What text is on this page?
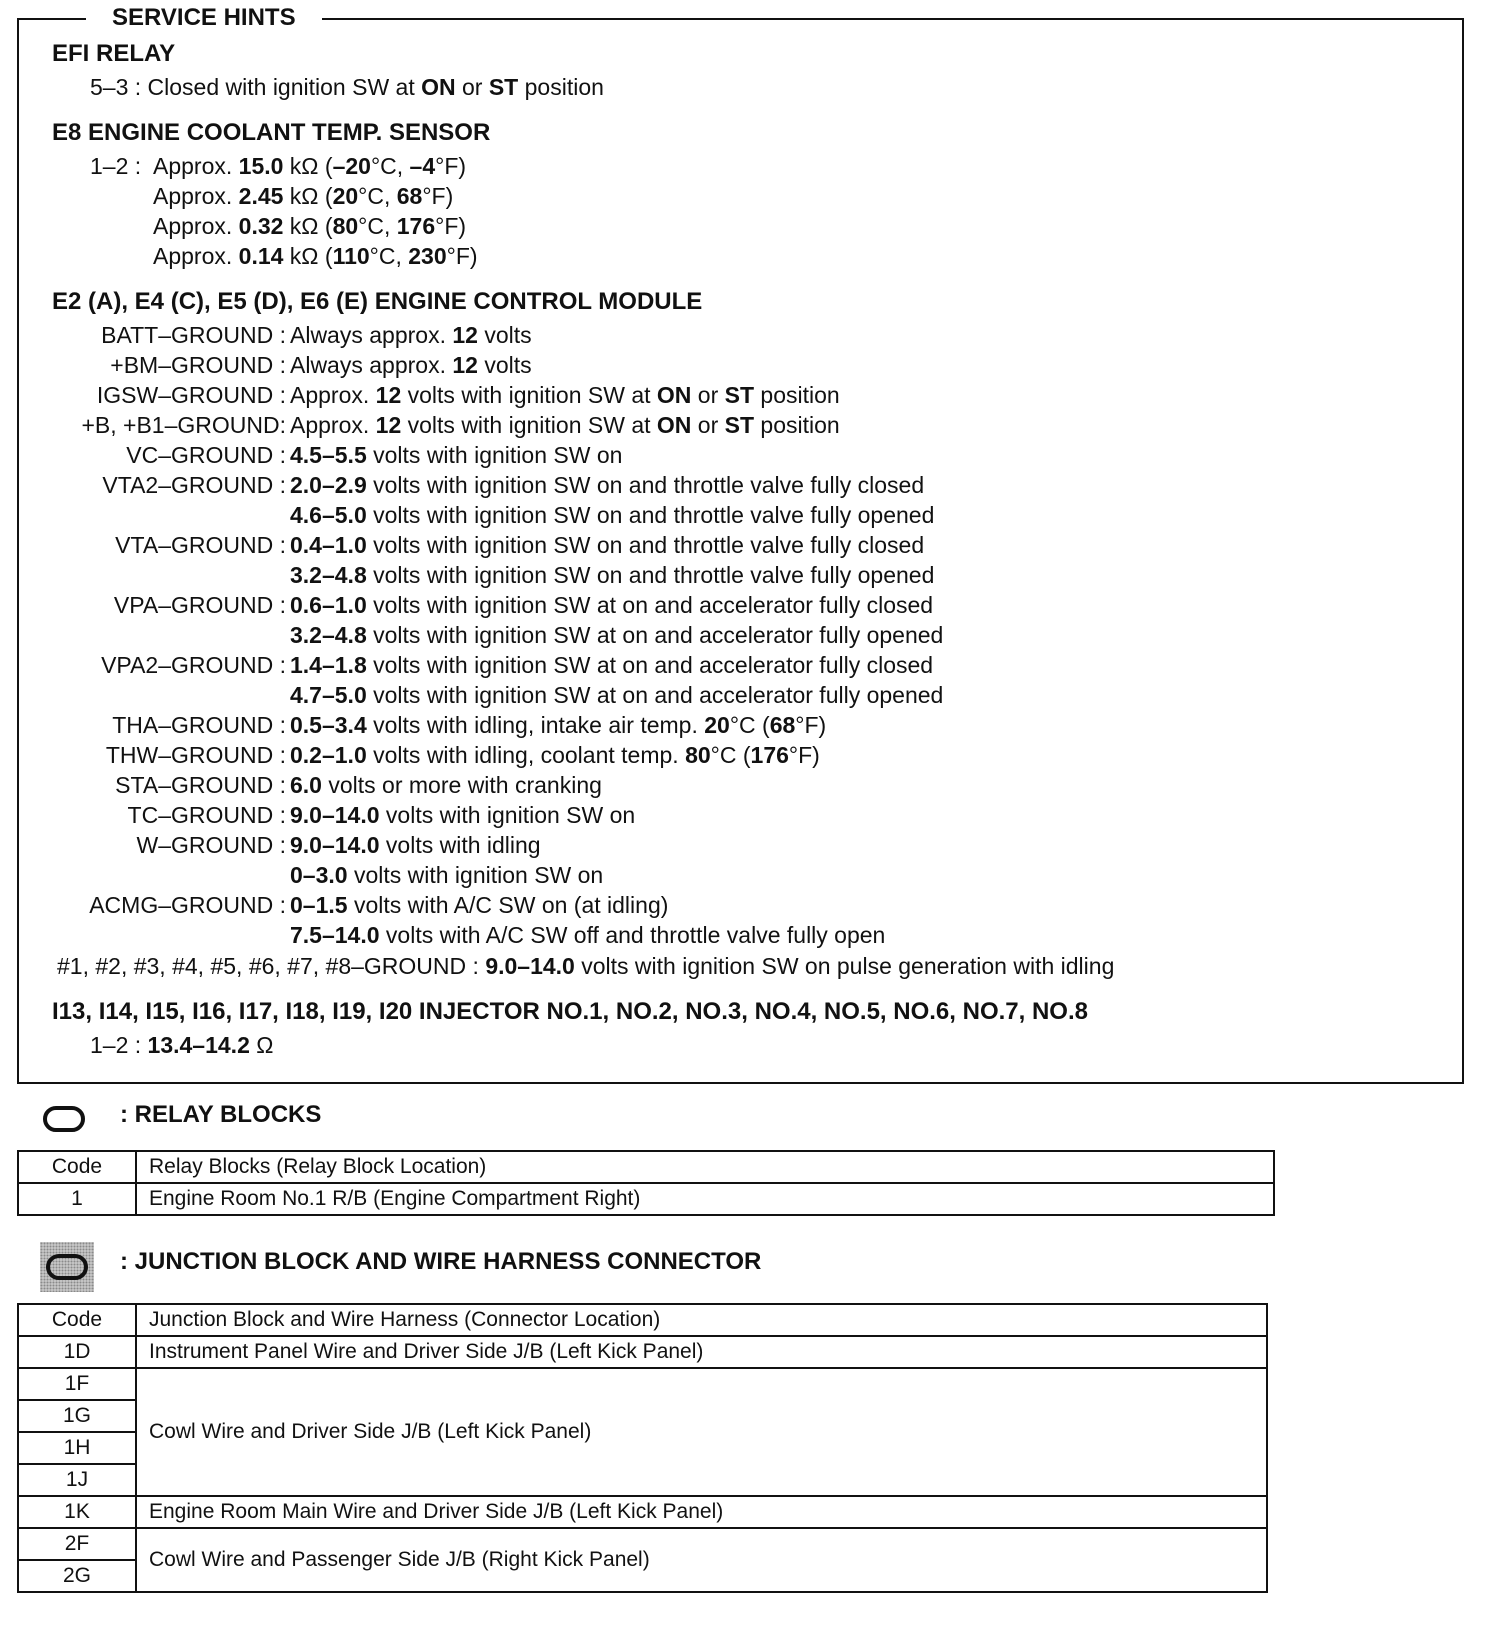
SERVICE HINTS
EFI RELAY
5–3 : Closed with ignition SW at ON or ST position
E8 ENGINE COOLANT TEMP. SENSOR
1–2 : Approx. 15.0 kΩ (–20°C, –4°F)
Approx. 2.45 kΩ (20°C, 68°F)
Approx. 0.32 kΩ (80°C, 176°F)
Approx. 0.14 kΩ (110°C, 230°F)
E2 (A), E4 (C), E5 (D), E6 (E) ENGINE CONTROL MODULE
BATT–GROUND : Always approx. 12 volts
+BM–GROUND : Always approx. 12 volts
IGSW–GROUND : Approx. 12 volts with ignition SW at ON or ST position
+B, +B1–GROUND: Approx. 12 volts with ignition SW at ON or ST position
VC–GROUND : 4.5–5.5 volts with ignition SW on
VTA2–GROUND : 2.0–2.9 volts with ignition SW on and throttle valve fully closed
4.6–5.0 volts with ignition SW on and throttle valve fully opened
VTA–GROUND : 0.4–1.0 volts with ignition SW on and throttle valve fully closed
3.2–4.8 volts with ignition SW on and throttle valve fully opened
VPA–GROUND : 0.6–1.0 volts with ignition SW at on and accelerator fully closed
3.2–4.8 volts with ignition SW at on and accelerator fully opened
VPA2–GROUND : 1.4–1.8 volts with ignition SW at on and accelerator fully closed
4.7–5.0 volts with ignition SW at on and accelerator fully opened
THA–GROUND : 0.5–3.4 volts with idling, intake air temp. 20°C (68°F)
THW–GROUND : 0.2–1.0 volts with idling, coolant temp. 80°C (176°F)
STA–GROUND : 6.0 volts or more with cranking
TC–GROUND : 9.0–14.0 volts with ignition SW on
W–GROUND : 9.0–14.0 volts with idling
0–3.0 volts with ignition SW on
ACMG–GROUND : 0–1.5 volts with A/C SW on (at idling)
7.5–14.0 volts with A/C SW off and throttle valve fully open
#1, #2, #3, #4, #5, #6, #7, #8–GROUND : 9.0–14.0 volts with ignition SW on pulse generation with idling
I13, I14, I15, I16, I17, I18, I19, I20 INJECTOR NO.1, NO.2, NO.3, NO.4, NO.5, NO.6, NO.7, NO.8
1–2 : 13.4–14.2 Ω
: RELAY BLOCKS
Code	Relay Blocks (Relay Block Location)
1	Engine Room No.1 R/B (Engine Compartment Right)
: JUNCTION BLOCK AND WIRE HARNESS CONNECTOR
Code	Junction Block and Wire Harness (Connector Location)
1D	Instrument Panel Wire and Driver Side J/B (Left Kick Panel)
1F	Cowl Wire and Driver Side J/B (Left Kick Panel)
1G	
1H	
1J	
1K	Engine Room Main Wire and Driver Side J/B (Left Kick Panel)
2F	Cowl Wire and Passenger Side J/B (Right Kick Panel)
2G	
